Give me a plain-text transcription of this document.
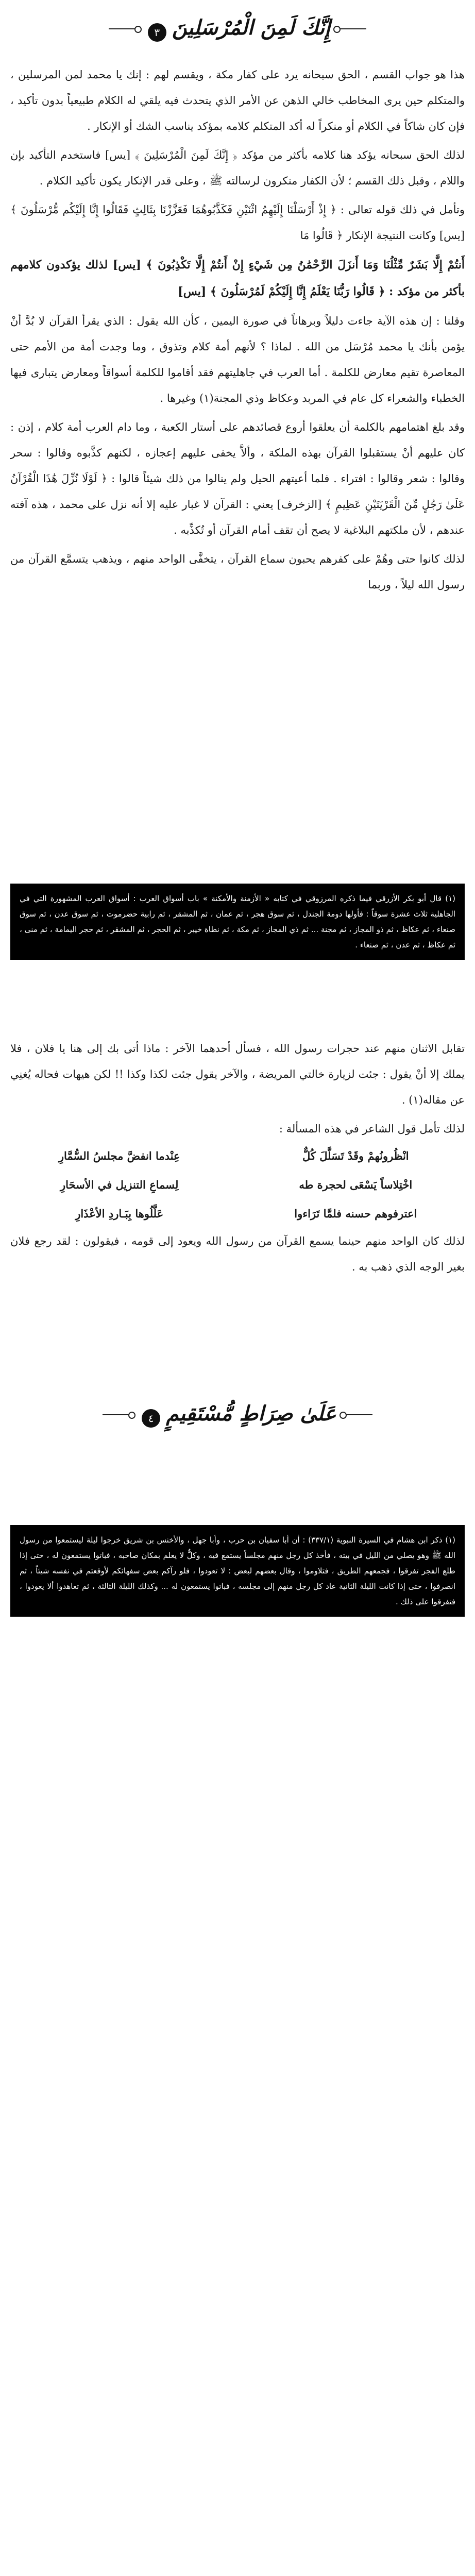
إِنَّكَ لَمِنَ الْمُرْسَلِينَ ٣

هذا هو جواب القسم ، الحق سبحانه يرد على كفار مكة ، ويقسم لهم : إنك يا محمد لمن المرسلين ، والمتكلم حين يرى المخاطب خالي الذهن عن الأمر الذي يتحدث فيه يلقي له الكلام طبيعياً بدون تأكيد ، فإن كان شاكاً في الكلام أو منكراً له أكد المتكلم كلامه بمؤكد يناسب الشك أو الإنكار .

لذلك الحق سبحانه يؤكد هنا كلامه بأكثر من مؤكد ﴿ إِنَّكَ لَمِنَ الْمُرْسَلِينَ ﴾ [يس] فاستخدم التأكيد بإن واللام ، وقبل ذلك القسم ؛ لأن الكفار منكرون لرسالته ﷺ ، وعلى قدر الإنكار يكون تأكيد الكلام .

وتأمل في ذلك قوله تعالى : ﴿ إِذْ أَرْسَلْنَا إِلَيْهِمُ اثْنَيْنِ فَكَذَّبُوهُمَا فَعَزَّزْنَا بِثَالِثٍ فَقَالُوا إِنَّا إِلَيْكُم مُّرْسَلُونَ ﴾ [يس] وكانت النتيجة الإنكار ﴿ قَالُوا مَا

أَنتُمْ إِلَّا بَشَرٌ مِّثْلُنَا وَمَا أَنزَلَ الرَّحْمَٰنُ مِن شَيْءٍ إِنْ أَنتُمْ إِلَّا تَكْذِبُونَ ﴾ [يس] لذلك يؤكدون كلامهم بأكثر من مؤكد : ﴿ قَالُوا رَبُّنَا يَعْلَمُ إِنَّا إِلَيْكُمْ لَمُرْسَلُونَ ﴾ [يس]

وقلنا : إن هذه الآية جاءت دليلاً وبرهاناً في صورة اليمين ، كأن الله يقول : الذي يقرأ القرآن لا بُدَّ أنْ يؤمن بأنك يا محمد مُرْسَل من الله . لماذا ؟ لأنهم أمة كلام وتذوق ، وما وجدت أمة من الأمم حتى المعاصرة تقيم معارض للكلمة . أما العرب في جاهليتهم فقد أقاموا للكلمة أسواقاً ومعارض يتبارى فيها الخطباء والشعراء كل عام في المربد وعكاظ وذي المجنة(١) وغيرها .

وقد بلغ اهتمامهم بالكلمة أن يعلقوا أروع قصائدهم على أستار الكعبة ، وما دام العرب أمة كلام ، إذن : كان عليهم أنْ يستقبلوا القرآن بهذه الملكة ، وألاَّ يخفى عليهم إعجازه ، لكنهم كذَّبوه وقالوا : سحر وقالوا : شعر وقالوا : افتراء . فلما أعيتهم الحيل ولم ينالوا من ذلك شيئاً قالوا : ﴿ لَوْلَا نُزِّلَ هَٰذَا الْقُرْآنُ عَلَىٰ رَجُلٍ مِّنَ الْقَرْيَتَيْنِ عَظِيمٍ ﴾ [الزخرف] يعني : القرآن لا غبار عليه إلا أنه نزل على محمد ، هذه آفته عندهم ، لأن ملكتهم البلاغية لا يصح أن تقف أمام القرآن أو تُكذِّبه .

لذلك كانوا حتى وهُمْ على كفرهم يحبون سماع القرآن ، يتخفَّى الواحد منهم ، ويذهب يتسمَّع القرآن من رسول الله ليلاً ، وربما

(١) قال أبو بكر الأزرقي فيما ذكره المرزوقي في كتابه « الأزمنة والأمكنة » باب أسواق العرب : أسواق العرب المشهورة التي في الجاهلية ثلاث عشرة سوقاً : فأولها دومة الجندل ، ثم سوق هجر ، ثم عمان ، ثم المشقر ، ثم رابية حضرموت ، ثم سوق عدن ، ثم سوق صنعاء ، ثم عكاظ ، ثم ذو المجاز ، ثم مجنة ... ثم ذي المجاز ، ثم مكة ، ثم نطاة خيبر ، ثم الحجر ، ثم المشقر ، ثم حجر اليمامة ، ثم منى ، ثم عكاظ ، ثم عدن ، ثم صنعاء .

تقابل الاثنان منهم عند حجرات رسول الله ، فسأل أحدهما الآخر : ماذا أتى بك إلى هنا يا فلان ، فلا يملك إلا أنْ يقول : جئت لزيارة خالتي المريضة ، والآخر يقول جئت لكذا وكذا !! لكن هيهات فحاله يُغنِي عن مقاله(١) .

لذلك تأمل قول الشاعر في هذه المسألة :

انْظُرونُهمْ وقَدْ تَسَلَّلَ كُلٌّ
عِنْدما انفضَّ مجلسُ السُّمَّارِ
اخْتِلاساً يَسْعَى لحجرة طه
لِسماعِ التنزيل في الأسحَارِ
اعترفوهم حسنه فلمَّا تَرَاءوا
عَلَّلُوها بِبَـاردِ الأعْذَارِ

لذلك كان الواحد منهم حينما يسمع القرآن من رسول الله ويعود إلى قومه ، فيقولون : لقد رجع فلان بغير الوجه الذي ذهب به .

عَلَىٰ صِرَاطٍ مُّسْتَقِيمٍ ٤
(١) ذكر ابن هشام في السيرة النبوية (٣٣٧/١) : أن أبا سفيان بن حرب ، وأبا جهل ، والأخنس بن شريق خرجوا ليلة ليستمعوا من رسول الله ﷺ وهو يصلي من الليل في بيته ، فأخذ كل رجل منهم مجلساً يستمع فيه ، وكلٌّ لا يعلم بمكان صاحبه ، فباتوا يستمعون له ، حتى إذا طلع الفجر تفرقوا ، فجمعهم الطريق ، فتلاوموا ، وقال بعضهم لبعض : لا تعودوا ، فلو رآكم بعض سفهائكم لأوقعتم في نفسه شيئاً ، ثم انصرفوا ، حتى إذا كانت الليلة الثانية عاد كل رجل منهم إلى مجلسه ، فباتوا يستمعون له ... وكذلك الليلة الثالثة ، ثم تعاهدوا ألا يعودوا ، فتفرقوا على ذلك .
